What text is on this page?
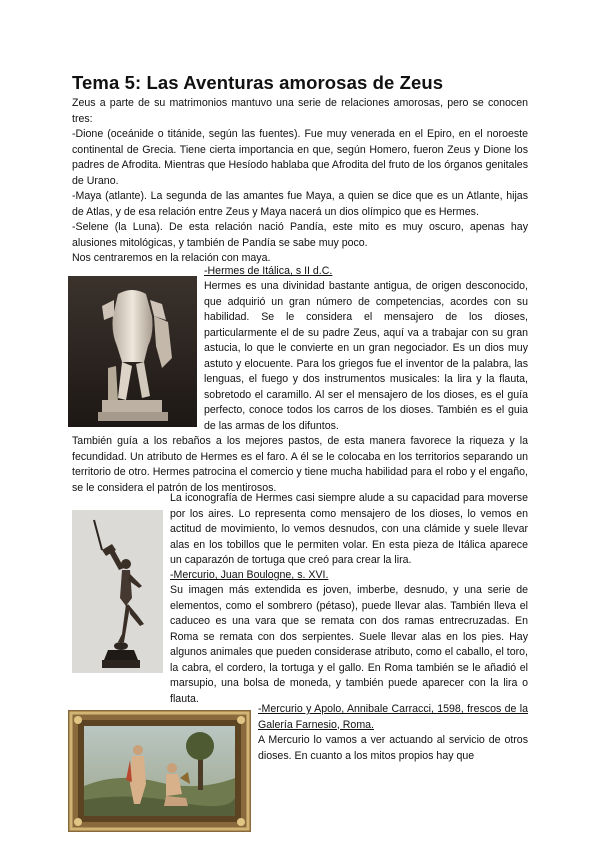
Tema 5: Las Aventuras amorosas de Zeus

Zeus a parte de su matrimonios mantuvo una serie de relaciones amorosas, pero se conocen tres:

-Dione (oceánide o titánide, según las fuentes). Fue muy venerada en el Epiro, en el noroeste continental de Grecia. Tiene cierta importancia en que, según Homero, fueron Zeus y Dione los padres de Afrodita. Mientras que Hesíodo hablaba que Afrodita del fruto de los órganos genitales de Urano.

-Maya (atlante). La segunda de las amantes fue Maya, a quien se dice que es un Atlante, hijas de Atlas, y de esa relación entre Zeus y Maya nacerá un dios olímpico que es Hermes.

-Selene (la Luna). De esta relación nació Pandía, este mito es muy oscuro, apenas hay alusiones mitológicas, y también de Pandía se sabe muy poco.

Nos centraremos en la relación con maya.

-Hermes de Itálica, s II d.C.

Hermes es una divinidad bastante antigua, de origen desconocido, que adquirió un gran número de competencias, acordes con su habilidad. Se le considera el mensajero de los dioses, particularmente el de su padre Zeus, aquí va a trabajar con su gran astucia, lo que le convierte en un gran negociador. Es un dios muy astuto y elocuente. Para los griegos fue el inventor de la palabra, las lenguas, el fuego y dos instrumentos musicales: la lira y la flauta, sobretodo el caramillo. Al ser el mensajero de los dioses, es el guía perfecto, conoce todos los carros de los dioses. También es el guia de las armas de los difuntos.

También guía a los rebaños a los mejores pastos, de esta manera favorece la riqueza y la fecundidad. Un atributo de Hermes es el faro. A él se le colocaba en los territorios separando un territorio de otro. Hermes patrocina el comercio y tiene mucha habilidad para el robo y el engaño, se le considera el patrón de los mentirosos.

La iconografía de Hermes casi siempre alude a su capacidad para moverse por los aires. Lo representa como mensajero de los dioses, lo vemos en actitud de movimiento, lo vemos desnudos, con una clámide y suele llevar alas en los tobillos que le permiten volar. En esta pieza de Itálica aparece un caparazón de tortuga que creó para crear la lira.

-Mercurio, Juan Boulogne, s. XVI.

Su imagen más extendida es joven, imberbe, desnudo, y una serie de elementos, como el sombrero (pétaso), puede llevar alas. También lleva el caduceo es una vara que se remata con dos ramas entrecruzadas. En Roma se remata con dos serpientes. Suele llevar alas en los pies. Hay algunos animales que pueden considerase atributo, como el caballo, el toro, la cabra, el cordero, la tortuga y el gallo. En Roma también se le añadió el marsupio, una bolsa de moneda, y también puede aparecer con la lira o flauta.

-Mercurio y Apolo, Annibale Carracci, 1598, frescos de la Galería Farnesio, Roma.

A Mercurio lo vamos a ver actuando al servicio de otros dioses. En cuanto a los mitos propios hay que
